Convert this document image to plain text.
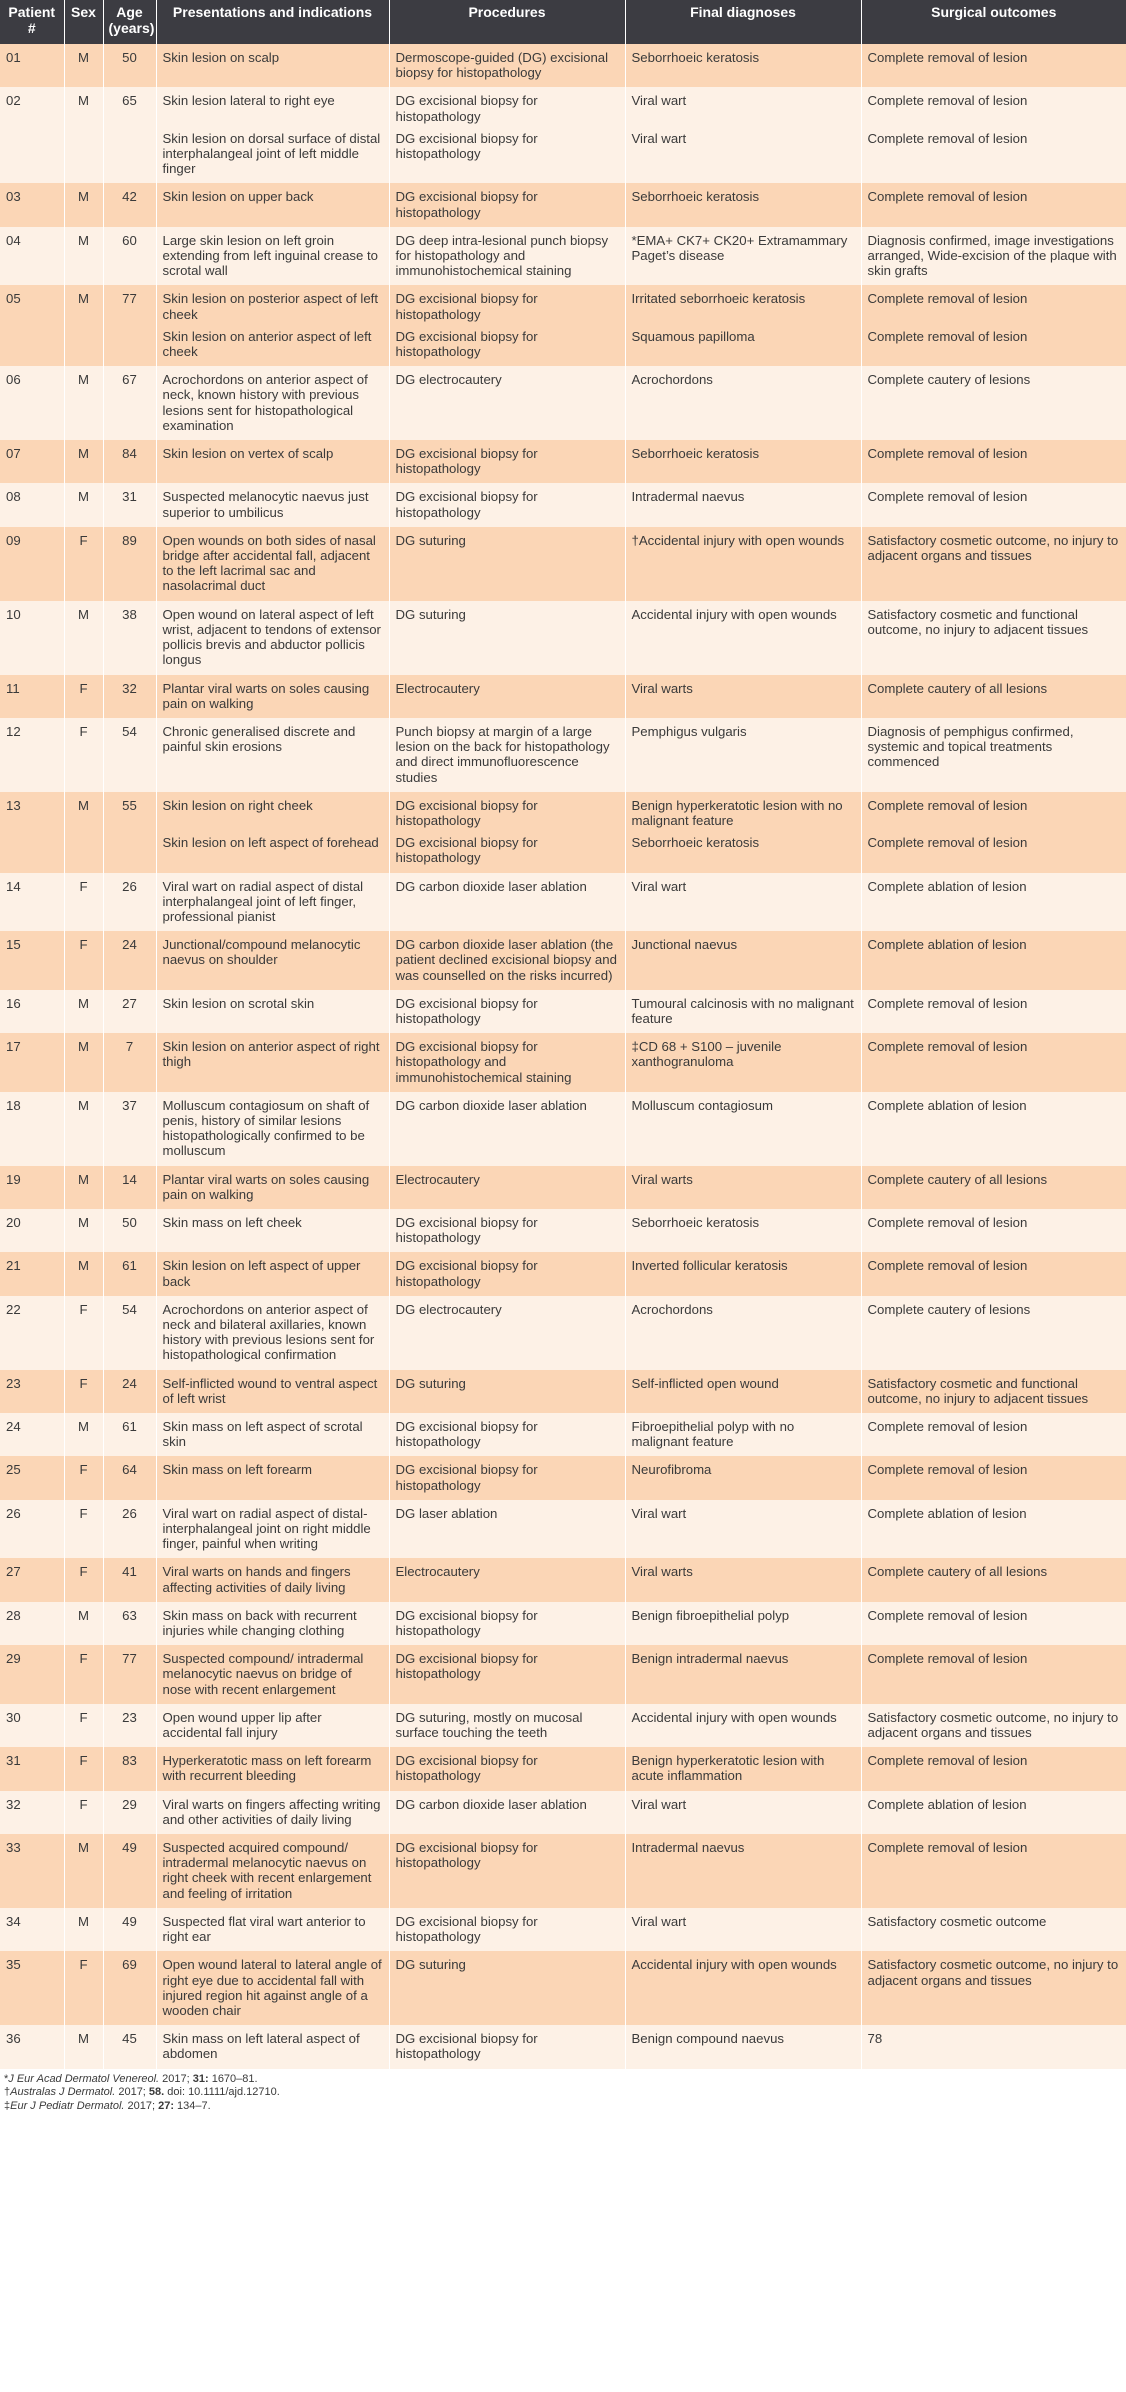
Patient #	Sex	Age (years)	Presentations and indications	Procedures	Final diagnoses	Surgical outcomes
01	M	50	Skin lesion on scalp	Dermoscope-guided (DG) excisional biopsy for histopathology	Seborrhoeic keratosis	Complete removal of lesion
02	M	65	Skin lesion lateral to right eye	DG excisional biopsy for histopathology	Viral wart	Complete removal of lesion
			Skin lesion on dorsal surface of distal interphalangeal joint of left middle finger	DG excisional biopsy for histopathology	Viral wart	Complete removal of lesion
03	M	42	Skin lesion on upper back	DG excisional biopsy for histopathology	Seborrhoeic keratosis	Complete removal of lesion
04	M	60	Large skin lesion on left groin extending from left inguinal crease to scrotal wall	DG deep intra-lesional punch biopsy for histopathology and immunohistochemical staining	*EMA+ CK7+ CK20+ Extramammary Paget’s disease	Diagnosis confirmed, image investigations arranged, Wide-excision of the plaque with skin grafts
05	M	77	Skin lesion on posterior aspect of left cheek	DG excisional biopsy for histopathology	Irritated seborrhoeic keratosis	Complete removal of lesion
			Skin lesion on anterior aspect of left cheek	DG excisional biopsy for histopathology	Squamous papilloma	Complete removal of lesion
06	M	67	Acrochordons on anterior aspect of neck, known history with previous lesions sent for histopathological examination	DG electrocautery	Acrochordons	Complete cautery of lesions
07	M	84	Skin lesion on vertex of scalp	DG excisional biopsy for histopathology	Seborrhoeic keratosis	Complete removal of lesion
08	M	31	Suspected melanocytic naevus just superior to umbilicus	DG excisional biopsy for histopathology	Intradermal naevus	Complete removal of lesion
09	F	89	Open wounds on both sides of nasal bridge after accidental fall, adjacent to the left lacrimal sac and nasolacrimal duct	DG suturing	†Accidental injury with open wounds	Satisfactory cosmetic outcome, no injury to adjacent organs and tissues
10	M	38	Open wound on lateral aspect of left wrist, adjacent to tendons of extensor pollicis brevis and abductor pollicis longus	DG suturing	Accidental injury with open wounds	Satisfactory cosmetic and functional outcome, no injury to adjacent tissues
11	F	32	Plantar viral warts on soles causing pain on walking	Electrocautery	Viral warts	Complete cautery of all lesions
12	F	54	Chronic generalised discrete and painful skin erosions	Punch biopsy at margin of a large lesion on the back for histopathology and direct immunofluorescence studies	Pemphigus vulgaris	Diagnosis of pemphigus confirmed, systemic and topical treatments commenced
13	M	55	Skin lesion on right cheek	DG excisional biopsy for histopathology	Benign hyperkeratotic lesion with no malignant feature	Complete removal of lesion
			Skin lesion on left aspect of forehead	DG excisional biopsy for histopathology	Seborrhoeic keratosis	Complete removal of lesion
14	F	26	Viral wart on radial aspect of distal interphalangeal joint of left finger, professional pianist	DG carbon dioxide laser ablation	Viral wart	Complete ablation of lesion
15	F	24	Junctional/compound melanocytic naevus on shoulder	DG carbon dioxide laser ablation (the patient declined excisional biopsy and was counselled on the risks incurred)	Junctional naevus	Complete ablation of lesion
16	M	27	Skin lesion on scrotal skin	DG excisional biopsy for histopathology	Tumoural calcinosis with no malignant feature	Complete removal of lesion
17	M	7	Skin lesion on anterior aspect of right thigh	DG excisional biopsy for histopathology and immunohistochemical staining	‡CD 68 + S100 – juvenile xanthogranuloma	Complete removal of lesion
18	M	37	Molluscum contagiosum on shaft of penis, history of similar lesions histopathologically confirmed to be molluscum	DG carbon dioxide laser ablation	Molluscum contagiosum	Complete ablation of lesion
19	M	14	Plantar viral warts on soles causing pain on walking	Electrocautery	Viral warts	Complete cautery of all lesions
20	M	50	Skin mass on left cheek	DG excisional biopsy for histopathology	Seborrhoeic keratosis	Complete removal of lesion
21	M	61	Skin lesion on left aspect of upper back	DG excisional biopsy for histopathology	Inverted follicular keratosis	Complete removal of lesion
22	F	54	Acrochordons on anterior aspect of neck and bilateral axillaries, known history with previous lesions sent for histopathological confirmation	DG electrocautery	Acrochordons	Complete cautery of lesions
23	F	24	Self-inflicted wound to ventral aspect of left wrist	DG suturing	Self-inflicted open wound	Satisfactory cosmetic and functional outcome, no injury to adjacent tissues
24	M	61	Skin mass on left aspect of scrotal skin	DG excisional biopsy for histopathology	Fibroepithelial polyp with no malignant feature	Complete removal of lesion
25	F	64	Skin mass on left forearm	DG excisional biopsy for histopathology	Neurofibroma	Complete removal of lesion
26	F	26	Viral wart on radial aspect of distal-interphalangeal joint on right middle finger, painful when writing	DG laser ablation	Viral wart	Complete ablation of lesion
27	F	41	Viral warts on hands and fingers affecting activities of daily living	Electrocautery	Viral warts	Complete cautery of all lesions
28	M	63	Skin mass on back with recurrent injuries while changing clothing	DG excisional biopsy for histopathology	Benign fibroepithelial polyp	Complete removal of lesion
29	F	77	Suspected compound/ intradermal melanocytic naevus on bridge of nose with recent enlargement	DG excisional biopsy for histopathology	Benign intradermal naevus	Complete removal of lesion
30	F	23	Open wound upper lip after accidental fall injury	DG suturing, mostly on mucosal surface touching the teeth	Accidental injury with open wounds	Satisfactory cosmetic outcome, no injury to adjacent organs and tissues
31	F	83	Hyperkeratotic mass on left forearm with recurrent bleeding	DG excisional biopsy for histopathology	Benign hyperkeratotic lesion with acute inflammation	Complete removal of lesion
32	F	29	Viral warts on fingers affecting writing and other activities of daily living	DG carbon dioxide laser ablation	Viral wart	Complete ablation of lesion
33	M	49	Suspected acquired compound/ intradermal melanocytic naevus on right cheek with recent enlargement and feeling of irritation	DG excisional biopsy for histopathology	Intradermal naevus	Complete removal of lesion
34	M	49	Suspected flat viral wart anterior to right ear	DG excisional biopsy for histopathology	Viral wart	Satisfactory cosmetic outcome
35	F	69	Open wound lateral to lateral angle of right eye due to accidental fall with injured region hit against angle of a wooden chair	DG suturing	Accidental injury with open wounds	Satisfactory cosmetic outcome, no injury to adjacent organs and tissues
36	M	45	Skin mass on left lateral aspect of abdomen	DG excisional biopsy for histopathology	Benign compound naevus	78
*J Eur Acad Dermatol Venereol. 2017; 31: 1670–81.
†Australas J Dermatol. 2017; 58. doi: 10.1111/ajd.12710.
‡Eur J Pediatr Dermatol. 2017; 27: 134–7.
